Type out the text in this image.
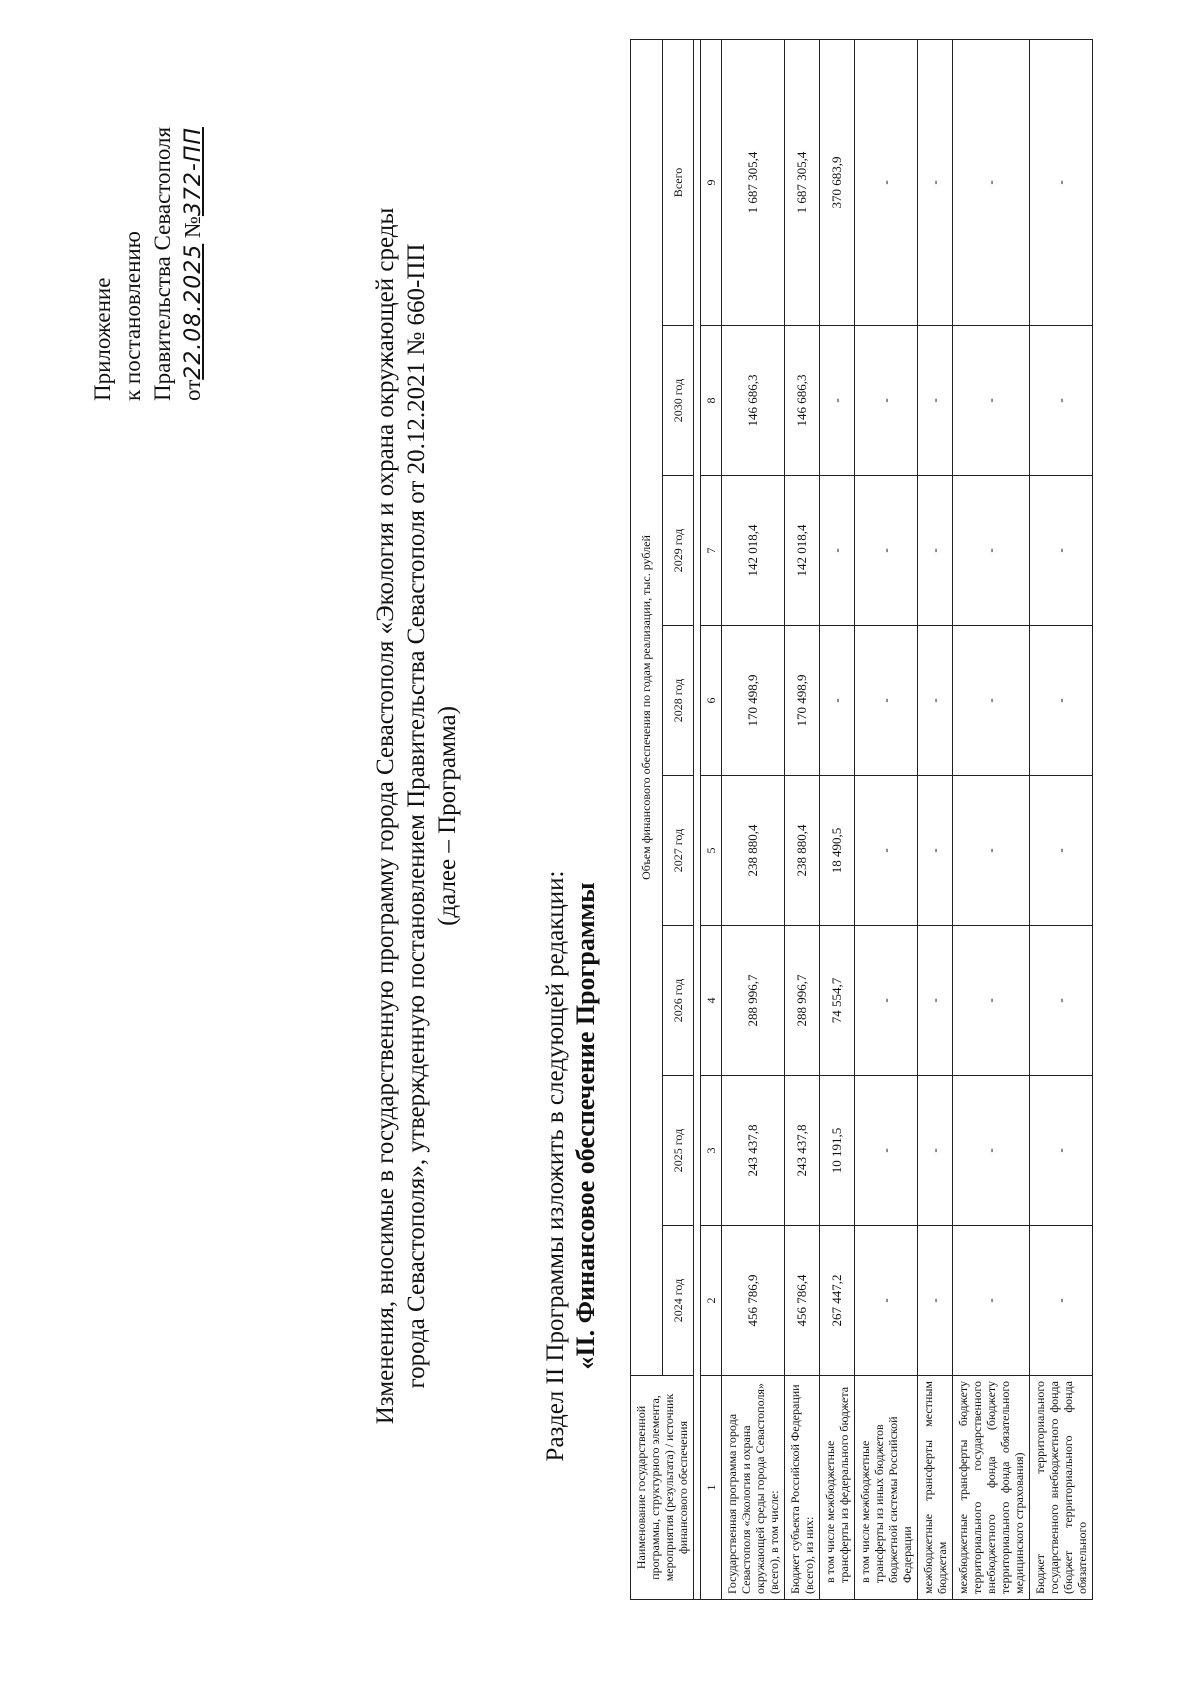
Приложение к постановлению Правительства Севастополя от22.08.2025 №372-ПП
Изменения, вносимые в государственную программу города Севастополя «Экология и охрана окружающей среды города Севастополя», утвержденную постановлением Правительства Севастополя от 20.12.2021 № 660-ПП (далее – Программа)
Раздел II Программы изложить в следующей редакции: «II. Финансовое обеспечение Программы
Наименование государственной программы, структурного элемента, мероприятия (результата) / источник финансового обеспечения	Объем финансового обеспечения по годам реализации, тыс. рублей							
	2024 год	2025 год	2026 год	2027 год	2028 год	2029 год	2030 год	Всего

1	2	3	4	5	6	7	8	9
Государственная программа города Севастополя «Экология и охрана окружающей среды города Севастополя» (всего), в том числе:	456 786,9	243 437,8	288 996,7	238 880,4	170 498,9	142 018,4	146 686,3	1 687 305,4
Бюджет субъекта Российской Федерации (всего), из них:	456 786,4	243 437,8	288 996,7	238 880,4	170 498,9	142 018,4	146 686,3	1 687 305,4
в том числе межбюджетные трансферты из федерального бюджета	267 447,2	10 191,5	74 554,7	18 490,5	-	-	-	370 683,9
в том числе межбюджетные трансферты из иных бюджетов бюджетной системы Российской Федерации	-	-	-	-	-	-	-	-
межбюджетные трансферты местным бюджетам	-	-	-	-	-	-	-	-
межбюджетные трансферты бюджету территориального государственного внебюджетного фонда (бюджету территориального фонда обязательного медицинского страхования)	-	-	-	-	-	-	-	-
Бюджет территориального государственного внебюджетного фонда (бюджет территориального фонда обязательного	-	-	-	-	-	-	-	-
